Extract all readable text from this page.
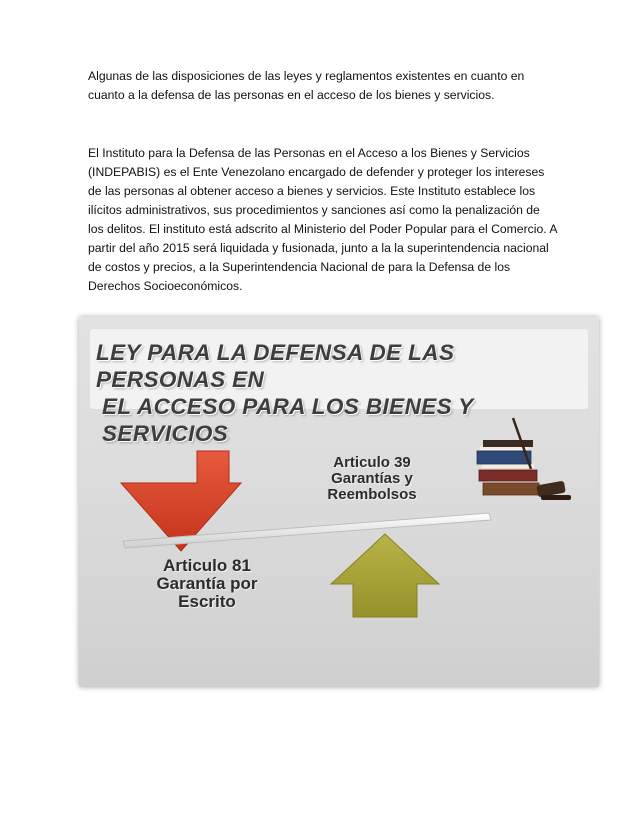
Algunas de las disposiciones de las leyes y reglamentos existentes en cuanto en cuanto a la defensa de las personas en el acceso de los bienes y servicios.

El Instituto para la Defensa de las Personas en el Acceso a los Bienes y Servicios (INDEPABIS) es el Ente Venezolano encargado de defender y proteger los intereses de las personas al obtener acceso a bienes y servicios. Este Instituto establece los ilícitos administrativos, sus procedimientos y sanciones así como la penalización de los delitos. El instituto está adscrito al Ministerio del Poder Popular para el Comercio. A partir del año 2015 será liquidada y fusionada, junto a la la superintendencia nacional de costos y precios, a la Superintendencia Nacional de para la Defensa de los Derechos Socioeconómicos.

LEY PARA LA DEFENSA DE LAS PERSONAS EN
EL ACCESO PARA LOS BIENES Y SERVICIOS

Articulo 39
Garantías y
Reembolsos
Articulo 81
Garantía por
Escrito
